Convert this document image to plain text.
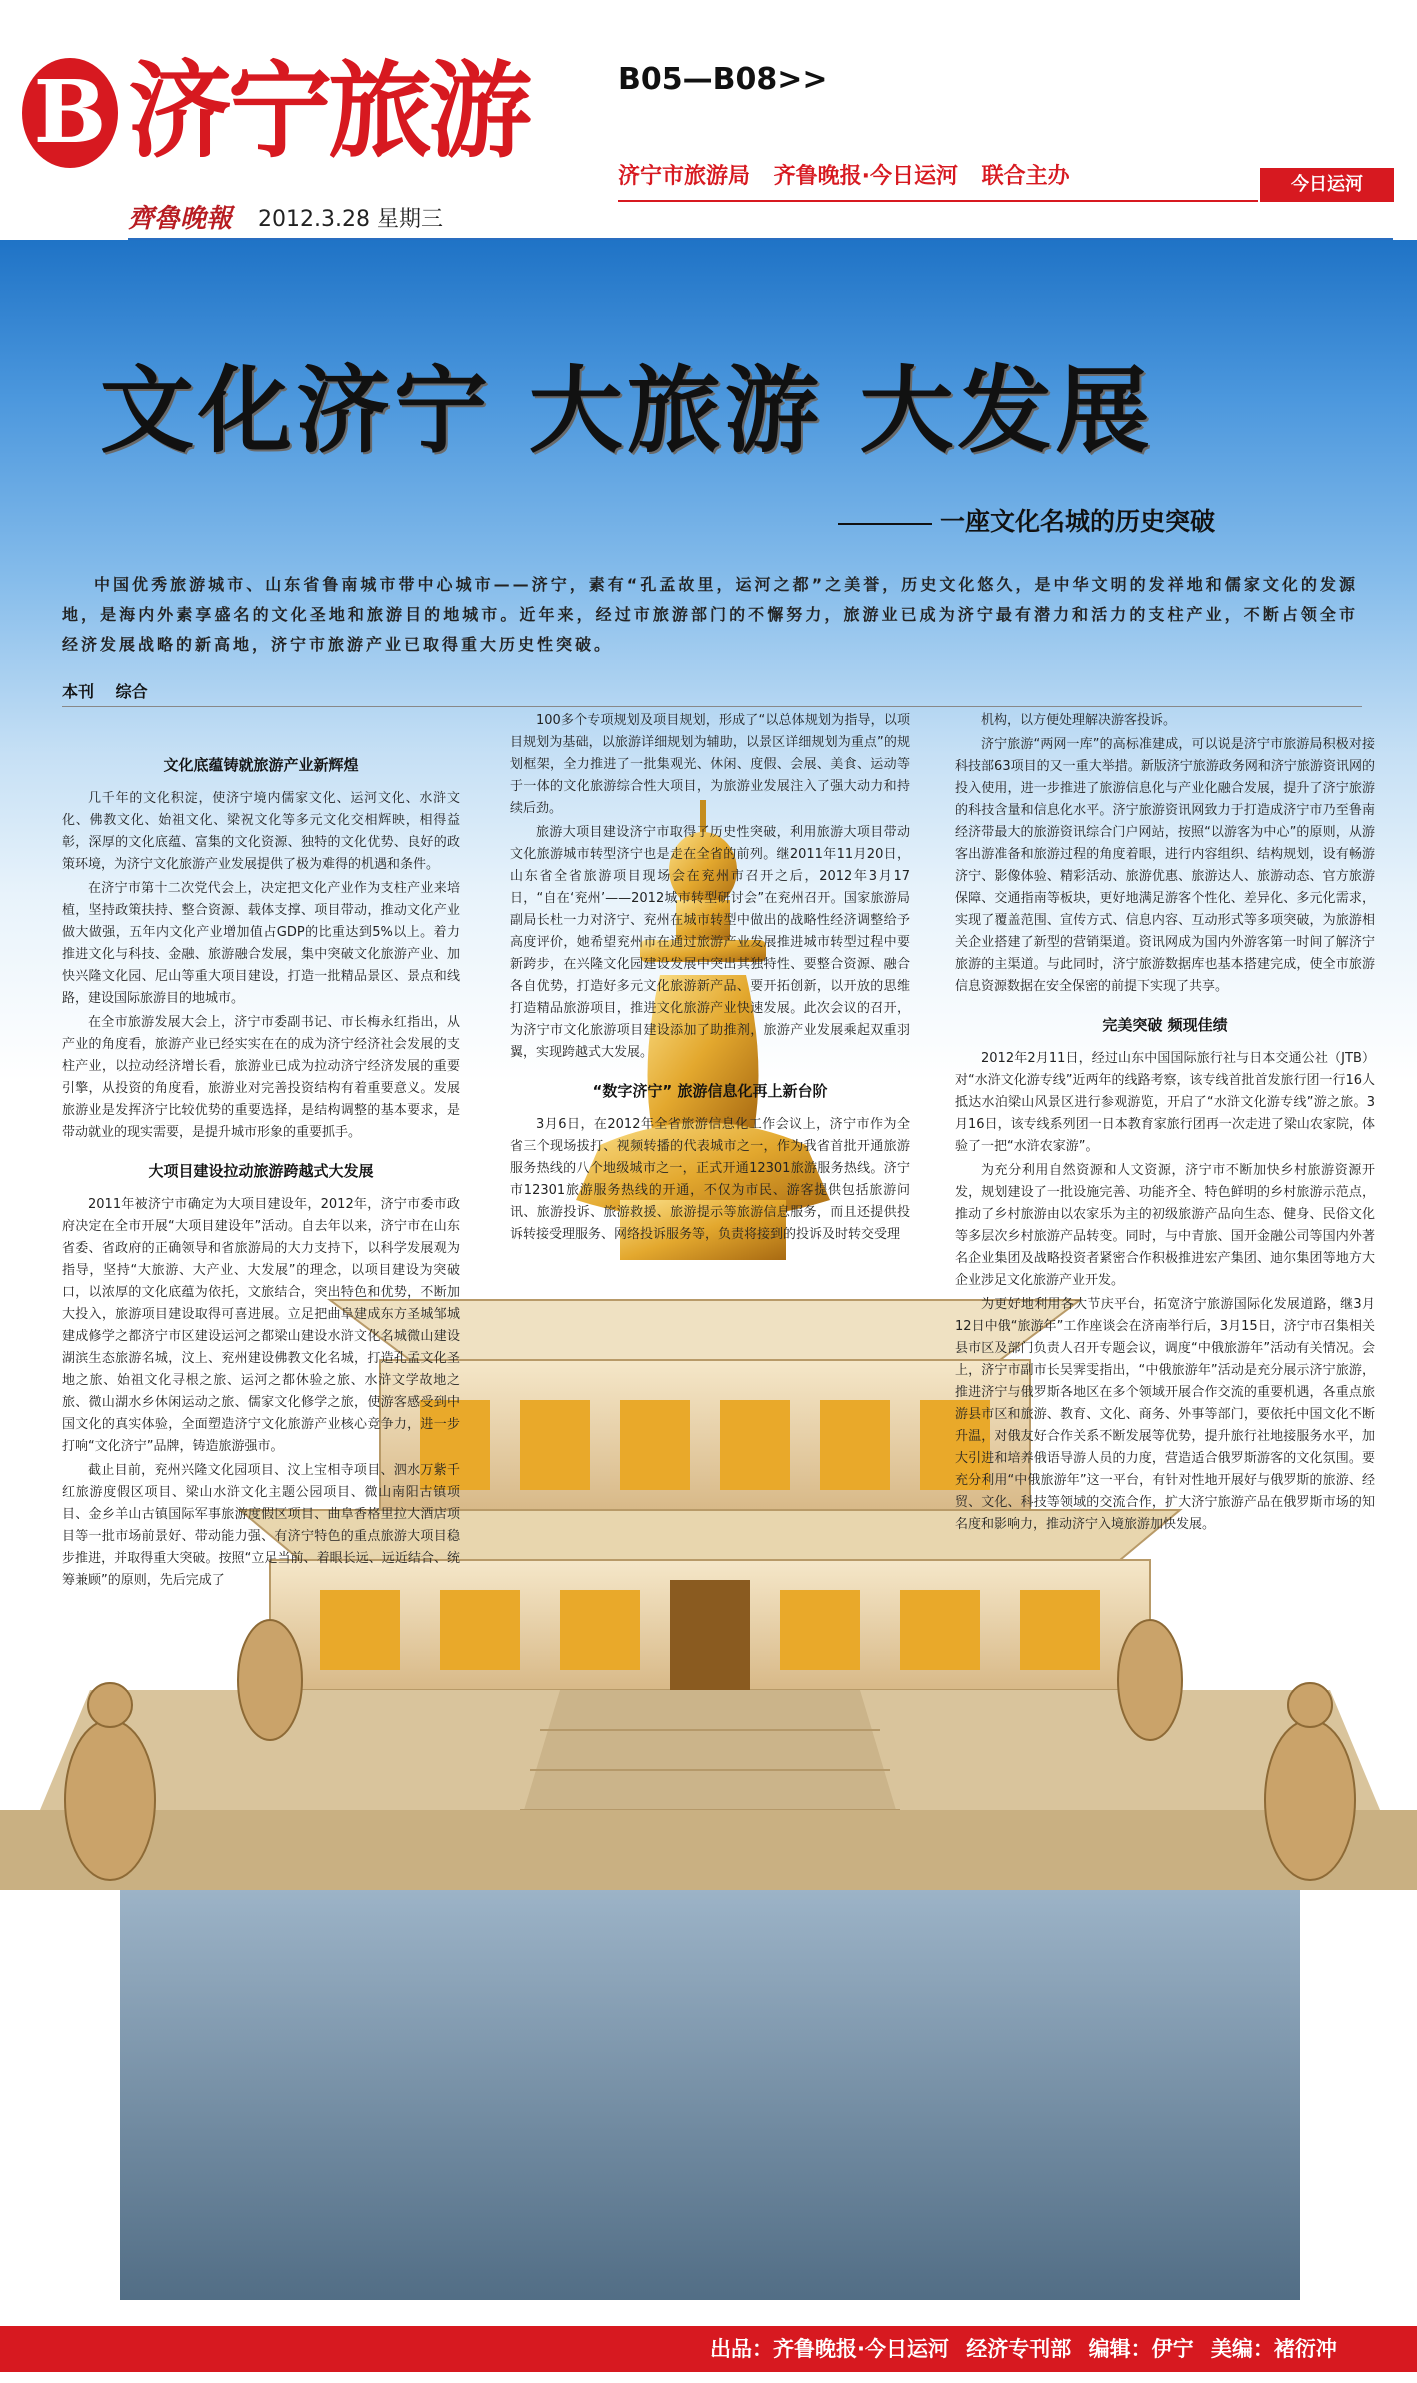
B 济宁旅游	B05—B08>>
济宁市旅游局 齐鲁晚报·今日运河 联合主办	今日运河
齊魯晚報 2012.3.28 星期三
文化济宁 大旅游 大发展
一座文化名城的历史突破
中国优秀旅游城市、山东省鲁南城市带中心城市——济宁，素有“孔孟故里，运河之都”之美誉，历史文化悠久，是中华文明的发祥地和儒家文化的发源地，是海内外素享盛名的文化圣地和旅游目的地城市。近年来，经过市旅游部门的不懈努力，旅游业已成为济宁最有潜力和活力的支柱产业，不断占领全市经济发展战略的新高地，济宁市旅游产业已取得重大历史性突破。
本刊 综合
文化底蕴铸就旅游产业新辉煌

几千年的文化积淀，使济宁境内儒家文化、运河文化、水浒文化、佛教文化、始祖文化、梁祝文化等多元文化交相辉映，相得益彰，深厚的文化底蕴、富集的文化资源、独特的文化优势、良好的政策环境，为济宁文化旅游产业发展提供了极为难得的机遇和条件。

在济宁市第十二次党代会上，决定把文化产业作为支柱产业来培植，坚持政策扶持、整合资源、载体支撑、项目带动，推动文化产业做大做强，五年内文化产业增加值占GDP的比重达到5%以上。着力推进文化与科技、金融、旅游融合发展，集中突破文化旅游产业、加快兴隆文化园、尼山等重大项目建设，打造一批精品景区、景点和线路，建设国际旅游目的地城市。

在全市旅游发展大会上，济宁市委副书记、市长梅永红指出，从产业的角度看，旅游产业已经实实在在的成为济宁经济社会发展的支柱产业，以拉动经济增长看，旅游业已成为拉动济宁经济发展的重要引擎，从投资的角度看，旅游业对完善投资结构有着重要意义。发展旅游业是发挥济宁比较优势的重要选择，是结构调整的基本要求，是带动就业的现实需要，是提升城市形象的重要抓手。

大项目建设拉动旅游跨越式大发展

2011年被济宁市确定为大项目建设年，2012年，济宁市委市政府决定在全市开展“大项目建设年”活动。自去年以来，济宁市在山东省委、省政府的正确领导和省旅游局的大力支持下，以科学发展观为指导，坚持“大旅游、大产业、大发展”的理念，以项目建设为突破口，以浓厚的文化底蕴为依托，文旅结合，突出特色和优势，不断加大投入，旅游项目建设取得可喜进展。立足把曲阜建成东方圣城邹城建成修学之都济宁市区建设运河之都梁山建设水浒文化名城微山建设湖滨生态旅游名城，汶上、兖州建设佛教文化名城，打造孔孟文化圣地之旅、始祖文化寻根之旅、运河之都休验之旅、水浒文学故地之旅、微山湖水乡休闲运动之旅、儒家文化修学之旅，使游客感受到中国文化的真实体验，全面塑造济宁文化旅游产业核心竞争力，进一步打响“文化济宁”品牌，铸造旅游强市。

截止目前，兖州兴隆文化园项目、汶上宝相寺项目、泗水万紫千红旅游度假区项目、梁山水浒文化主题公园项目、微山南阳古镇项目、金乡羊山古镇国际军事旅游度假区项目、曲阜香格里拉大酒店项目等一批市场前景好、带动能力强、有济宁特色的重点旅游大项目稳步推进，并取得重大突破。按照“立足当前、着眼长远、远近结合、统筹兼顾”的原则，先后完成了

100多个专项规划及项目规划，形成了“以总体规划为指导，以项目规划为基础，以旅游详细规划为辅助，以景区详细规划为重点”的规划框架，全力推进了一批集观光、休闲、度假、会展、美食、运动等于一体的文化旅游综合性大项目，为旅游业发展注入了强大动力和持续后劲。

旅游大项目建设济宁市取得了历史性突破，利用旅游大项目带动文化旅游城市转型济宁也是走在全省的前列。继2011年11月20日，山东省全省旅游项目现场会在兖州市召开之后，2012年3月17日，“自在‘兖州’——2012城市转型研讨会”在兖州召开。国家旅游局副局长杜一力对济宁、兖州在城市转型中做出的战略性经济调整给予高度评价，她希望兖州市在通过旅游产业发展推进城市转型过程中要新跨步，在兴隆文化园建设发展中突出其独特性、要整合资源、融合各自优势，打造好多元文化旅游新产品、要开拓创新，以开放的思维打造精品旅游项目，推进文化旅游产业快速发展。此次会议的召开，为济宁市文化旅游项目建设添加了助推剂，旅游产业发展乘起双重羽翼，实现跨越式大发展。

“数字济宁” 旅游信息化再上新台阶

3月6日，在2012年全省旅游信息化工作会议上，济宁市作为全省三个现场拔打、视频转播的代表城市之一，作为我省首批开通旅游服务热线的八个地级城市之一，正式开通12301旅游服务热线。济宁市12301旅游服务热线的开通，不仅为市民、游客提供包括旅游问讯、旅游投诉、旅游救援、旅游提示等旅游信息服务，而且还提供投诉转接受理服务、网络投诉服务等，负责将接到的投诉及时转交受理

机构，以方便处理解决游客投诉。

济宁旅游“两网一库”的高标准建成，可以说是济宁市旅游局积极对接科技部63项目的又一重大举措。新版济宁旅游政务网和济宁旅游资讯网的投入使用，进一步推进了旅游信息化与产业化融合发展，提升了济宁旅游的科技含量和信息化水平。济宁旅游资讯网致力于打造成济宁市乃至鲁南经济带最大的旅游资讯综合门户网站，按照“以游客为中心”的原则，从游客出游准备和旅游过程的角度着眼，进行内容组织、结构规划，设有畅游济宁、影像体验、精彩活动、旅游优惠、旅游达人、旅游动态、官方旅游保障、交通指南等板块，更好地满足游客个性化、差异化、多元化需求，实现了覆盖范围、宣传方式、信息内容、互动形式等多项突破，为旅游相关企业搭建了新型的营销渠道。资讯网成为国内外游客第一时间了解济宁旅游的主渠道。与此同时，济宁旅游数据库也基本搭建完成，使全市旅游信息资源数据在安全保密的前提下实现了共享。

完美突破 频现佳绩

2012年2月11日，经过山东中国国际旅行社与日本交通公社（JTB）对“水浒文化游专线”近两年的线路考察，该专线首批首发旅行团一行16人抵达水泊梁山风景区进行参观游览，开启了“水浒文化游专线”游之旅。3月16日，该专线系列团一日本教育家旅行团再一次走进了梁山农家院，体验了一把“水浒农家游”。

为充分利用自然资源和人文资源，济宁市不断加快乡村旅游资源开发，规划建设了一批设施完善、功能齐全、特色鲜明的乡村旅游示范点，推动了乡村旅游由以农家乐为主的初级旅游产品向生态、健身、民俗文化等多层次乡村旅游产品转变。同时，与中青旅、国开金融公司等国内外著名企业集团及战略投资者紧密合作积极推进宏产集团、迪尔集团等地方大企业涉足文化旅游产业开发。

为更好地利用各大节庆平台，拓宽济宁旅游国际化发展道路，继3月12日中俄“旅游年”工作座谈会在济南举行后，3月15日，济宁市召集相关县市区及部门负责人召开专题会议，调度“中俄旅游年”活动有关情况。会上，济宁市副市长吴霁雯指出，“中俄旅游年”活动是充分展示济宁旅游，推进济宁与俄罗斯各地区在多个领域开展合作交流的重要机遇，各重点旅游县市区和旅游、教育、文化、商务、外事等部门，要依托中国文化不断升温，对俄友好合作关系不断发展等优势，提升旅行社地接服务水平，加大引进和培养俄语导游人员的力度，营造适合俄罗斯游客的文化氛围。要充分利用“中俄旅游年”这一平台，有针对性地开展好与俄罗斯的旅游、经贸、文化、科技等领域的交流合作，扩大济宁旅游产品在俄罗斯市场的知名度和影响力，推动济宁入境旅游加快发展。

出品：齐鲁晚报·今日运河 经济专刊部 编辑：伊宁 美编：褚衍冲
